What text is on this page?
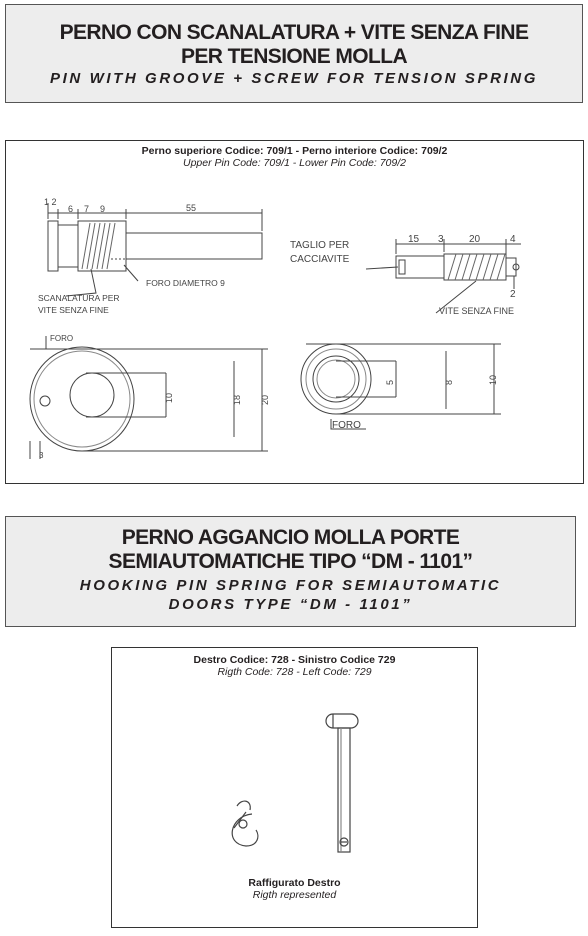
PERNO CON SCANALATURA + VITE SENZA FINE
PER TENSIONE MOLLA
PIN WITH GROOVE + SCREW FOR TENSION SPRING
Perno superiore Codice: 709/1 - Perno interiore Codice: 709/2
Upper Pin Code: 709/1 - Lower Pin Code: 709/2
1 2
6 7 9	55
SCANALATURA PER
VITE SENZA FINE
FORO DIAMETRO 9
TAGLIO PER
CACCIAVITE
15 3	20	4
2
VITE SENZA FINE
FORO
3
FORO
10	18 20
5	8	10
PERNO AGGANCIO MOLLA PORTE
SEMIAUTOMATICHE TIPO “DM - 1101”
HOOKING PIN SPRING FOR SEMIAUTOMATIC
DOORS TYPE “DM - 1101”
Destro Codice: 728 - Sinistro Codice 729
Rigth Code: 728 - Left Code: 729
Raffigurato Destro
Rigth represented
